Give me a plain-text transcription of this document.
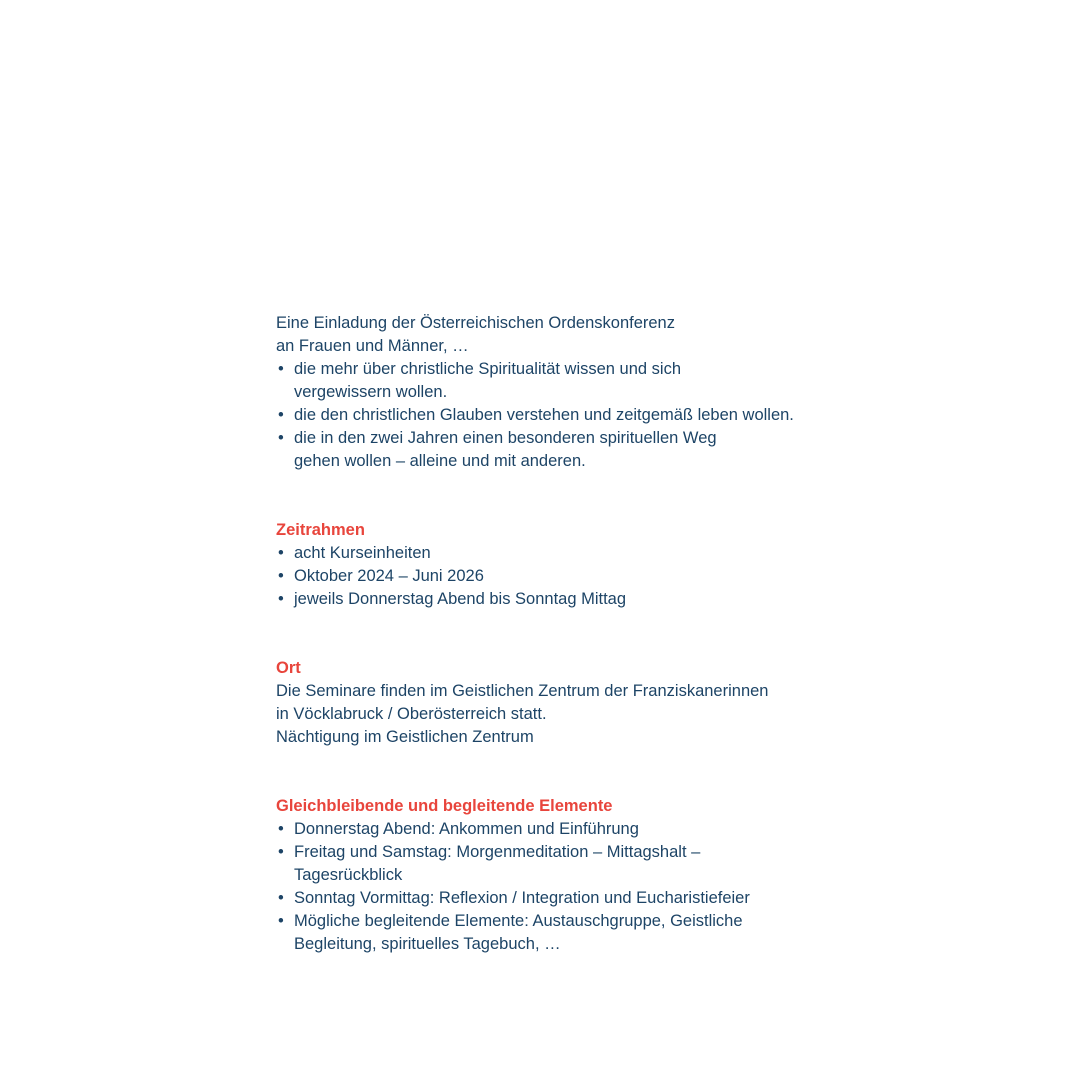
Eine Einladung der Österreichischen Ordenskonferenz
an Frauen und Männer, …
• die mehr über christliche Spiritualität wissen und sich
vergewissern wollen.
• die den christlichen Glauben verstehen und zeitgemäß leben wollen.
• die in den zwei Jahren einen besonderen spirituellen Weg
gehen wollen – alleine und mit anderen.
Zeitrahmen
• acht Kurseinheiten
• Oktober 2024 – Juni 2026
• jeweils Donnerstag Abend bis Sonntag Mittag
Ort
Die Seminare finden im Geistlichen Zentrum der Franziskanerinnen
in Vöcklabruck / Oberösterreich statt.
Nächtigung im Geistlichen Zentrum
Gleichbleibende und begleitende Elemente
• Donnerstag Abend: Ankommen und Einführung
• Freitag und Samstag: Morgenmeditation – Mittagshalt –
Tagesrückblick
• Sonntag Vormittag: Reflexion / Integration und Eucharistiefeier
• Mögliche begleitende Elemente: Austauschgruppe, Geistliche
Begleitung, spirituelles Tagebuch, …
